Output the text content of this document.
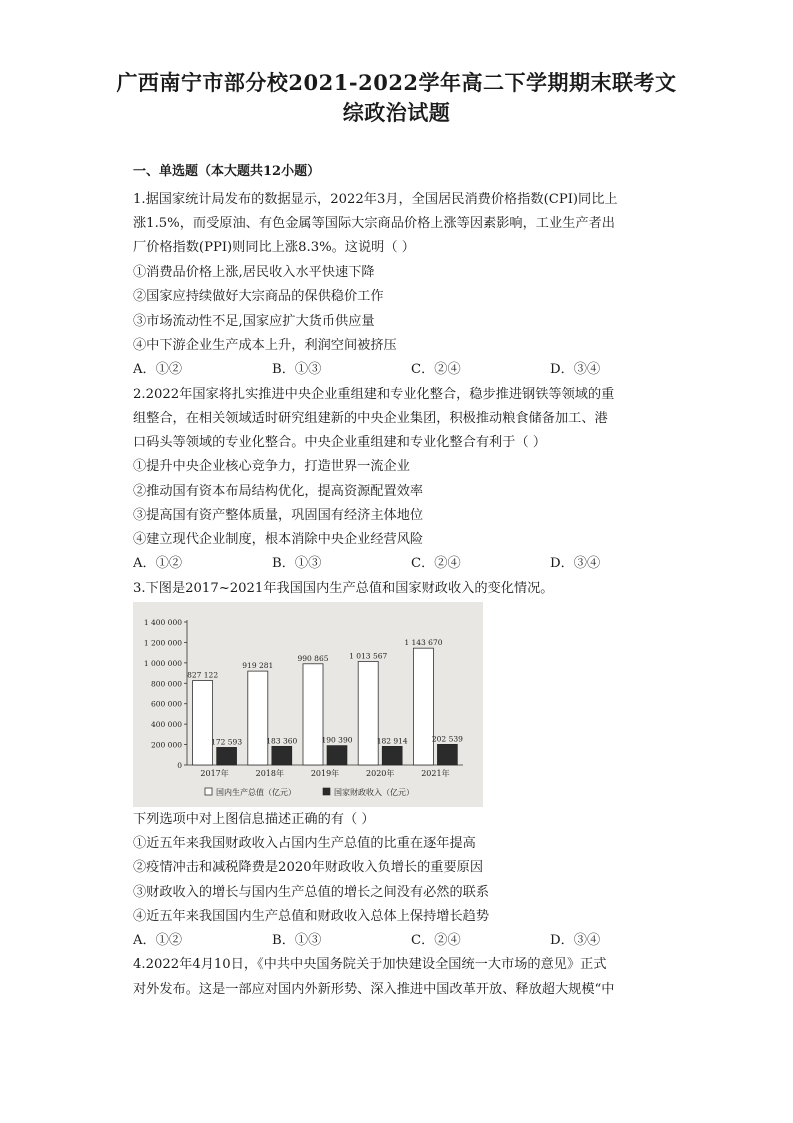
广西南宁市部分校2021-2022学年高二下学期期末联考文
综政治试题
一、单选题（本大题共12小题）
1.据国家统计局发布的数据显示，2022年3月，全国居民消费价格指数(CPI)同比上
涨1.5%，而受原油、有色金属等国际大宗商品价格上涨等因素影响，工业生产者出
厂价格指数(PPI)则同比上涨8.3%。这说明（ ）
①消费品价格上涨,居民收入水平快速下降
②国家应持续做好大宗商品的保供稳价工作
③市场流动性不足,国家应扩大货币供应量
④中下游企业生产成本上升，利润空间被挤压
A．①②	B．①③	C．②④	D．③④
2.2022年国家将扎实推进中央企业重组建和专业化整合，稳步推进钢铁等领域的重
组整合，在相关领域适时研究组建新的中央企业集团，积极推动粮食储备加工、港
口码头等领域的专业化整合。中央企业重组建和专业化整合有利于（ ）
①提升中央企业核心竞争力，打造世界一流企业
②推动国有资本布局结构优化，提高资源配置效率
③提高国有资产整体质量，巩固国有经济主体地位
④建立现代企业制度，根本消除中央企业经营风险
A．①②	B．①③	C．②④	D．③④
3.下图是2017~2021年我国国内生产总值和国家财政收入的变化情况。
0
200 000
400 000
600 000
800 000
1 000 000
1 200 000
1 400 000
827 122
172 593
2017年
919 281
183 360
2018年
990 865
190 390
2019年
1 013 567
182 914
2020年
1 143 670
202 539
2021年
国内生产总值（亿元）	国家财政收入（亿元）
下列选项中对上图信息描述正确的有（ ）
①近五年来我国财政收入占国内生产总值的比重在逐年提高
②疫情冲击和减税降费是2020年财政收入负增长的重要原因
③财政收入的增长与国内生产总值的增长之间没有必然的联系
④近五年来我国国内生产总值和财政收入总体上保持增长趋势
A．①②	B．①③	C．②④	D．③④
4.2022年4月10日，《中共中央国务院关于加快建设全国统一大市场的意见》正式
对外发布。这是一部应对国内外新形势、深入推进中国改革开放、释放超大规模“中
